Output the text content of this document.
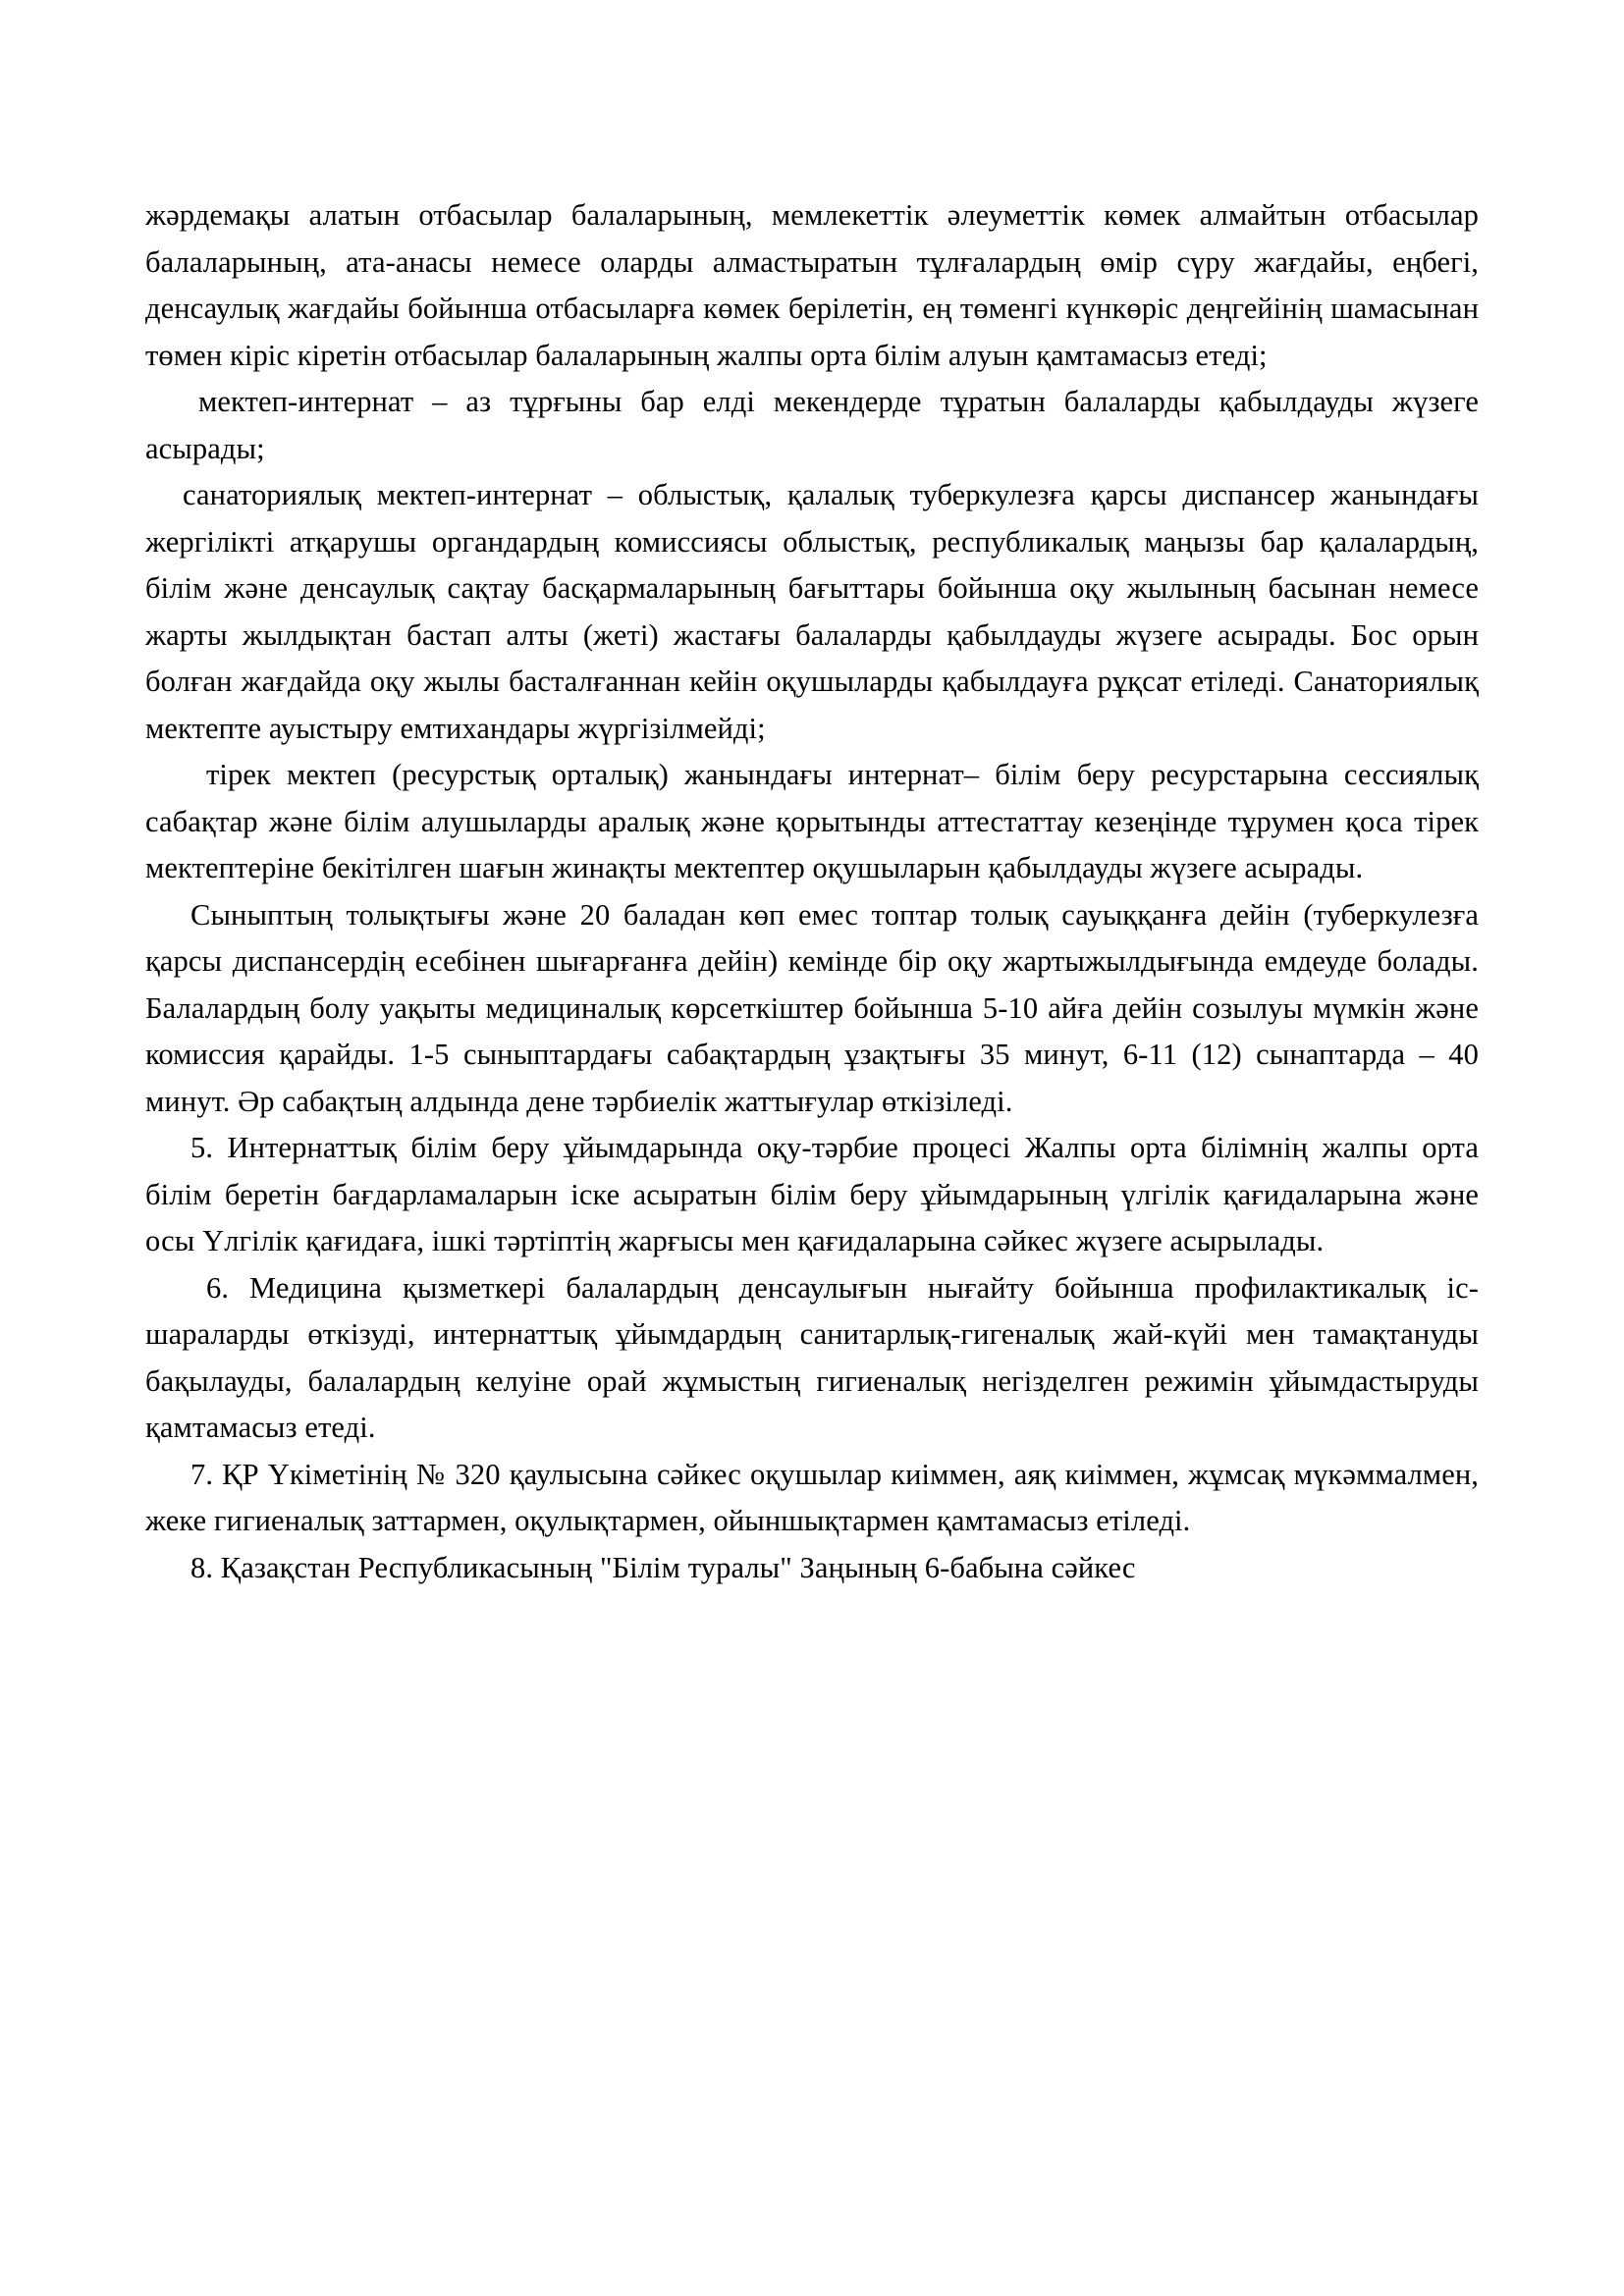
жәрдемақы алатын отбасылар балаларының, мемлекеттік әлеуметтік көмек алмайтын отбасылар балаларының, ата-анасы немесе оларды алмастыратын тұлғалардың өмір сүру жағдайы, еңбегі, денсаулық жағдайы бойынша отбасыларға көмек берілетін, ең төменгі күнкөріс деңгейінің шамасынан төмен кіріс кіретін отбасылар балаларының жалпы орта білім алуын қамтамасыз етеді;

мектеп-интернат – аз тұрғыны бар елді мекендерде тұратын балаларды қабылдауды жүзеге асырады;

санаториялық мектеп-интернат – облыстық, қалалық туберкулезға қарсы диспансер жанындағы жергілікті атқарушы органдардың комиссиясы облыстық, республикалық маңызы бар қалалардың, білім және денсаулық сақтау басқармаларының бағыттары бойынша оқу жылының басынан немесе жарты жылдықтан бастап алты (жеті) жастағы балаларды қабылдауды жүзеге асырады. Бос орын болған жағдайда оқу жылы басталғаннан кейін оқушыларды қабылдауға рұқсат етіледі. Санаториялық мектепте ауыстыру емтихандары жүргізілмейді;

тірек мектеп (ресурстық орталық) жанындағы интернат– білім беру ресурстарына сессиялық сабақтар және білім алушыларды аралық және қорытынды аттестаттау кезеңінде тұрумен қоса тірек мектептеріне бекітілген шағын жинақты мектептер оқушыларын қабылдауды жүзеге асырады.

Сыныптың толықтығы және 20 баладан көп емес топтар толық сауыққанға дейін (туберкулезға қарсы диспансердің есебінен шығарғанға дейін) кемінде бір оқу жартыжылдығында емдеуде болады. Балалардың болу уақыты медициналық көрсеткіштер бойынша 5-10 айға дейін созылуы мүмкін және комиссия қарайды. 1-5 сыныптардағы сабақтардың ұзақтығы 35 минут, 6-11 (12) сынаптарда – 40 минут. Әр сабақтың алдында дене тәрбиелік жаттығулар өткізіледі.

5. Интернаттық білім беру ұйымдарында оқу-тәрбие процесі Жалпы орта білімнің жалпы орта білім беретін бағдарламаларын іске асыратын білім беру ұйымдарының үлгілік қағидаларына және осы Үлгілік қағидаға, ішкі тәртіптің жарғысы мен қағидаларына сәйкес жүзеге асырылады.

6. Медицина қызметкері балалардың денсаулығын нығайту бойынша профилактикалық іс-шараларды өткізуді, интернаттық ұйымдардың санитарлық-гигеналық жай-күйі мен тамақтануды бақылауды, балалардың келуіне орай жұмыстың гигиеналық негізделген режимін ұйымдастыруды қамтамасыз етеді.

7. ҚР Үкіметінің № 320 қаулысына сәйкес оқушылар киіммен, аяқ киіммен, жұмсақ мүкәммалмен, жеке гигиеналық заттармен, оқулықтармен, ойыншықтармен қамтамасыз етіледі.

8. Қазақстан Республикасының "Білім туралы" Заңының 6-бабына сәйкес
